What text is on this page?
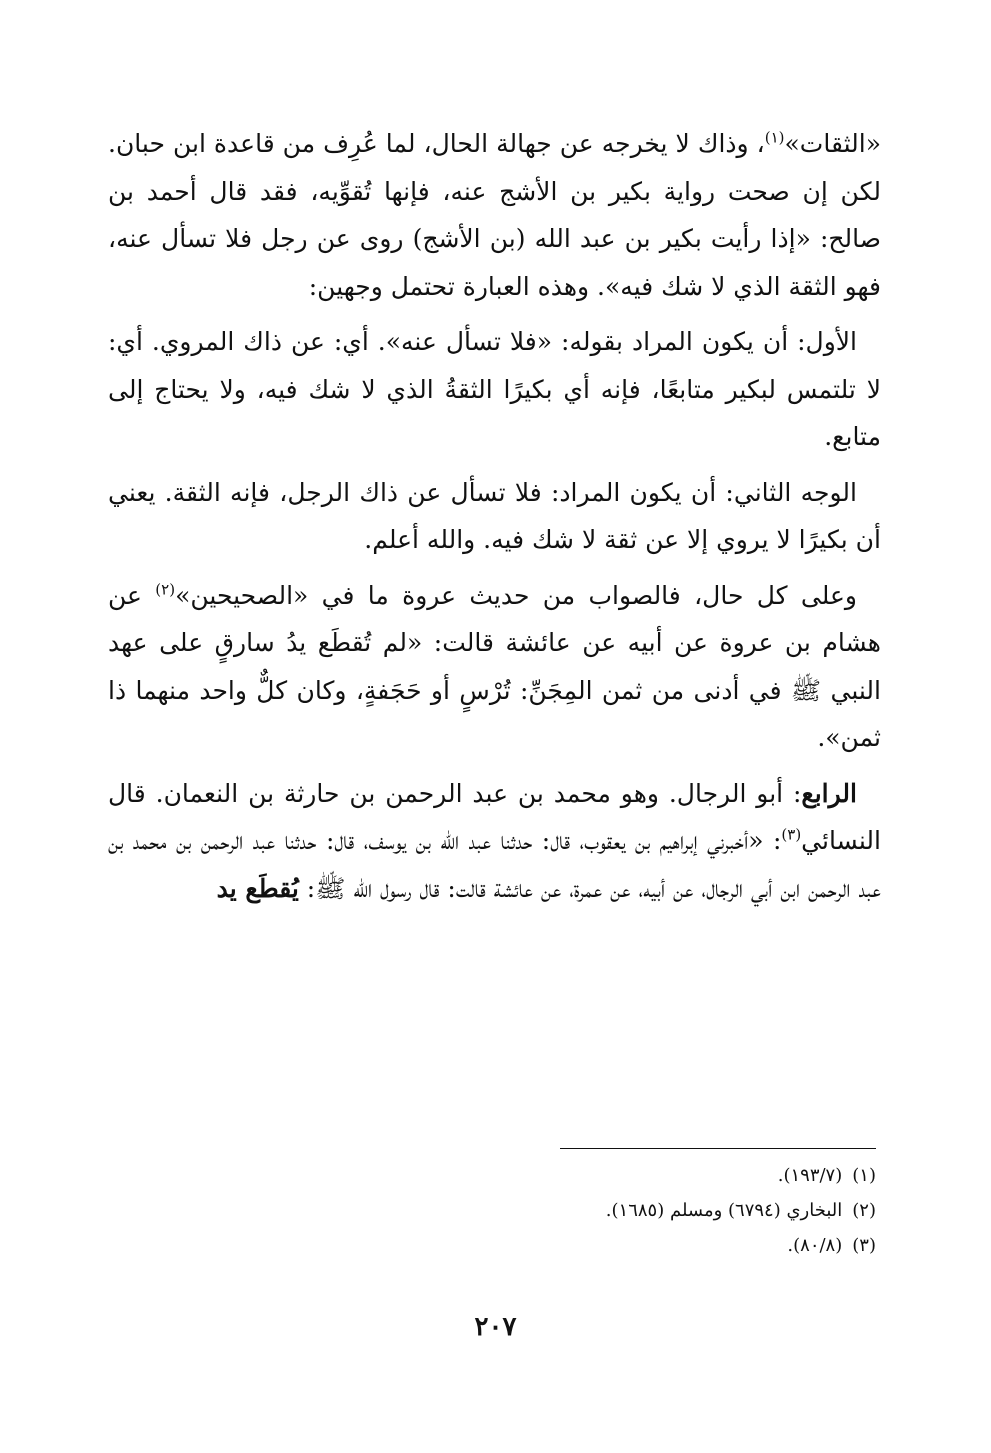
«الثقات»$^{(١)}$، وذاك لا يخرجه عن جهالة الحال، لما عُرِف من قاعدة ابن حبان. لكن إن صحت رواية بكير بن الأشج عنه، فإنها تُقوِّيه، فقد قال أحمد بن صالح: «إذا رأيت بكير بن عبد الله (بن الأشج) روى عن رجل فلا تسأل عنه، فهو الثقة الذي لا شك فيه». وهذه العبارة تحتمل وجهين:

الأول: أن يكون المراد بقوله: «فلا تسأل عنه». أي: عن ذاك المروي. أي: لا تلتمس لبكير متابعًا، فإنه أي بكيرًا الثقةُ الذي لا شك فيه، ولا يحتاج إلى متابع.

الوجه الثاني: أن يكون المراد: فلا تسأل عن ذاك الرجل، فإنه الثقة. يعني أن بكيرًا لا يروي إلا عن ثقة لا شك فيه. والله أعلم.

وعلى كل حال، فالصواب من حديث عروة ما في «الصحيحين»$^{(٢)}$ عن هشام بن عروة عن أبيه عن عائشة قالت: «لم تُقطَع يدُ سارقٍ على عهد النبي ﷺ في أدنى من ثمن المِجَنِّ: تُرْسٍ أو حَجَفةٍ، وكان كلٌّ واحد منهما ذا ثمن».

الرابع: أبو الرجال. وهو محمد بن عبد الرحمن بن حارثة بن النعمان. قال النسائي$^{(٣)}$: «أخبرني إبراهيم بن يعقوب، قال: حدثنا عبد الله بن يوسف، قال: حدثنا عبد الرحمن بن محمد بن عبد الرحمن ابن أبي الرجال، عن أبيه، عن عمرة، عن عائشة قالت: قال رسول الله ﷺ: يُقطَع يد

(١)(١٩٣/٧).
(٢)البخاري (٦٧٩٤) ومسلم (١٦٨٥).
(٣)(٨٠/٨).
٢٠٧
